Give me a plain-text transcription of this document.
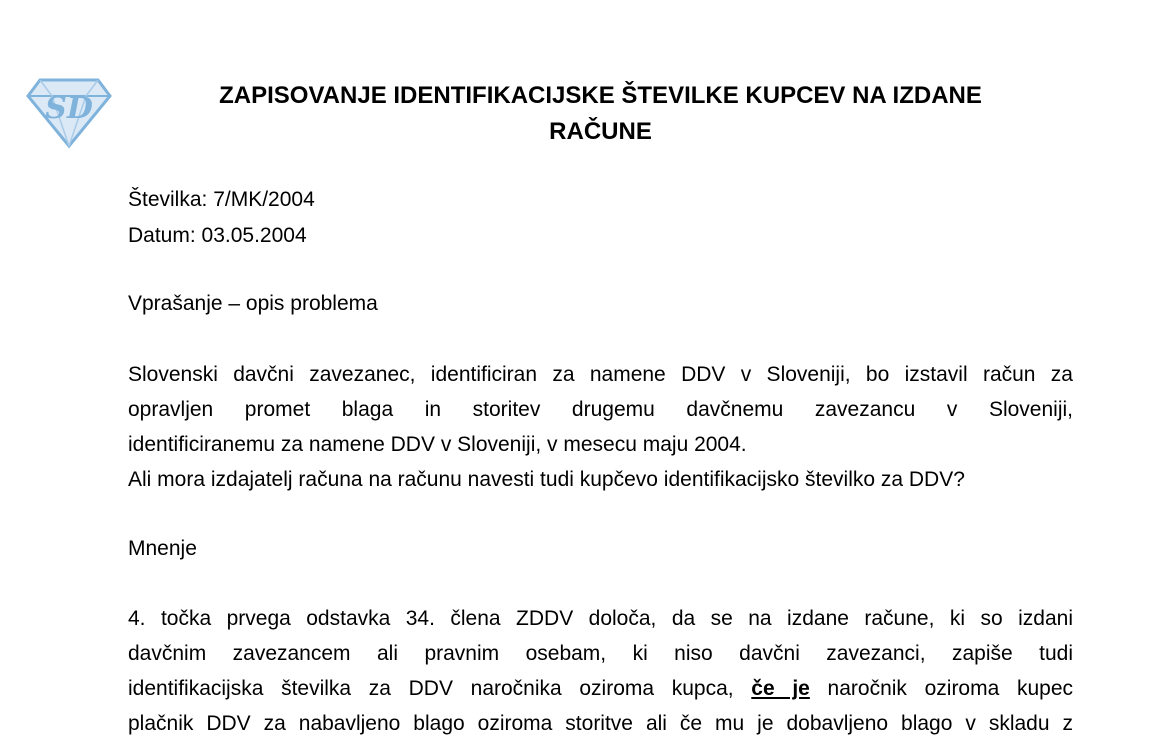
SD	ZAPISOVANJE IDENTIFIKACIJSKE ŠTEVILKE KUPCEV NA IZDANE
RAČUNE
Številka: 7/MK/2004
Datum: 03.05.2004
Vprašanje – opis problema
Slovenski davčni zavezanec, identificiran za namene DDV v Sloveniji, bo izstavil račun za
opravljen promet blaga in storitev drugemu davčnemu zavezancu v Sloveniji,
identificiranemu za namene DDV v Sloveniji, v mesecu maju 2004.
Ali mora izdajatelj računa na računu navesti tudi kupčevo identifikacijsko številko za DDV?
Mnenje
4. točka prvega odstavka 34. člena ZDDV določa, da se na izdane račune, ki so izdani
davčnim zavezancem ali pravnim osebam, ki niso davčni zavezanci, zapiše tudi
identifikacijska številka za DDV naročnika oziroma kupca, če je naročnik oziroma kupec
plačnik DDV za nabavljeno blago oziroma storitve ali če mu je dobavljeno blago v skladu z
